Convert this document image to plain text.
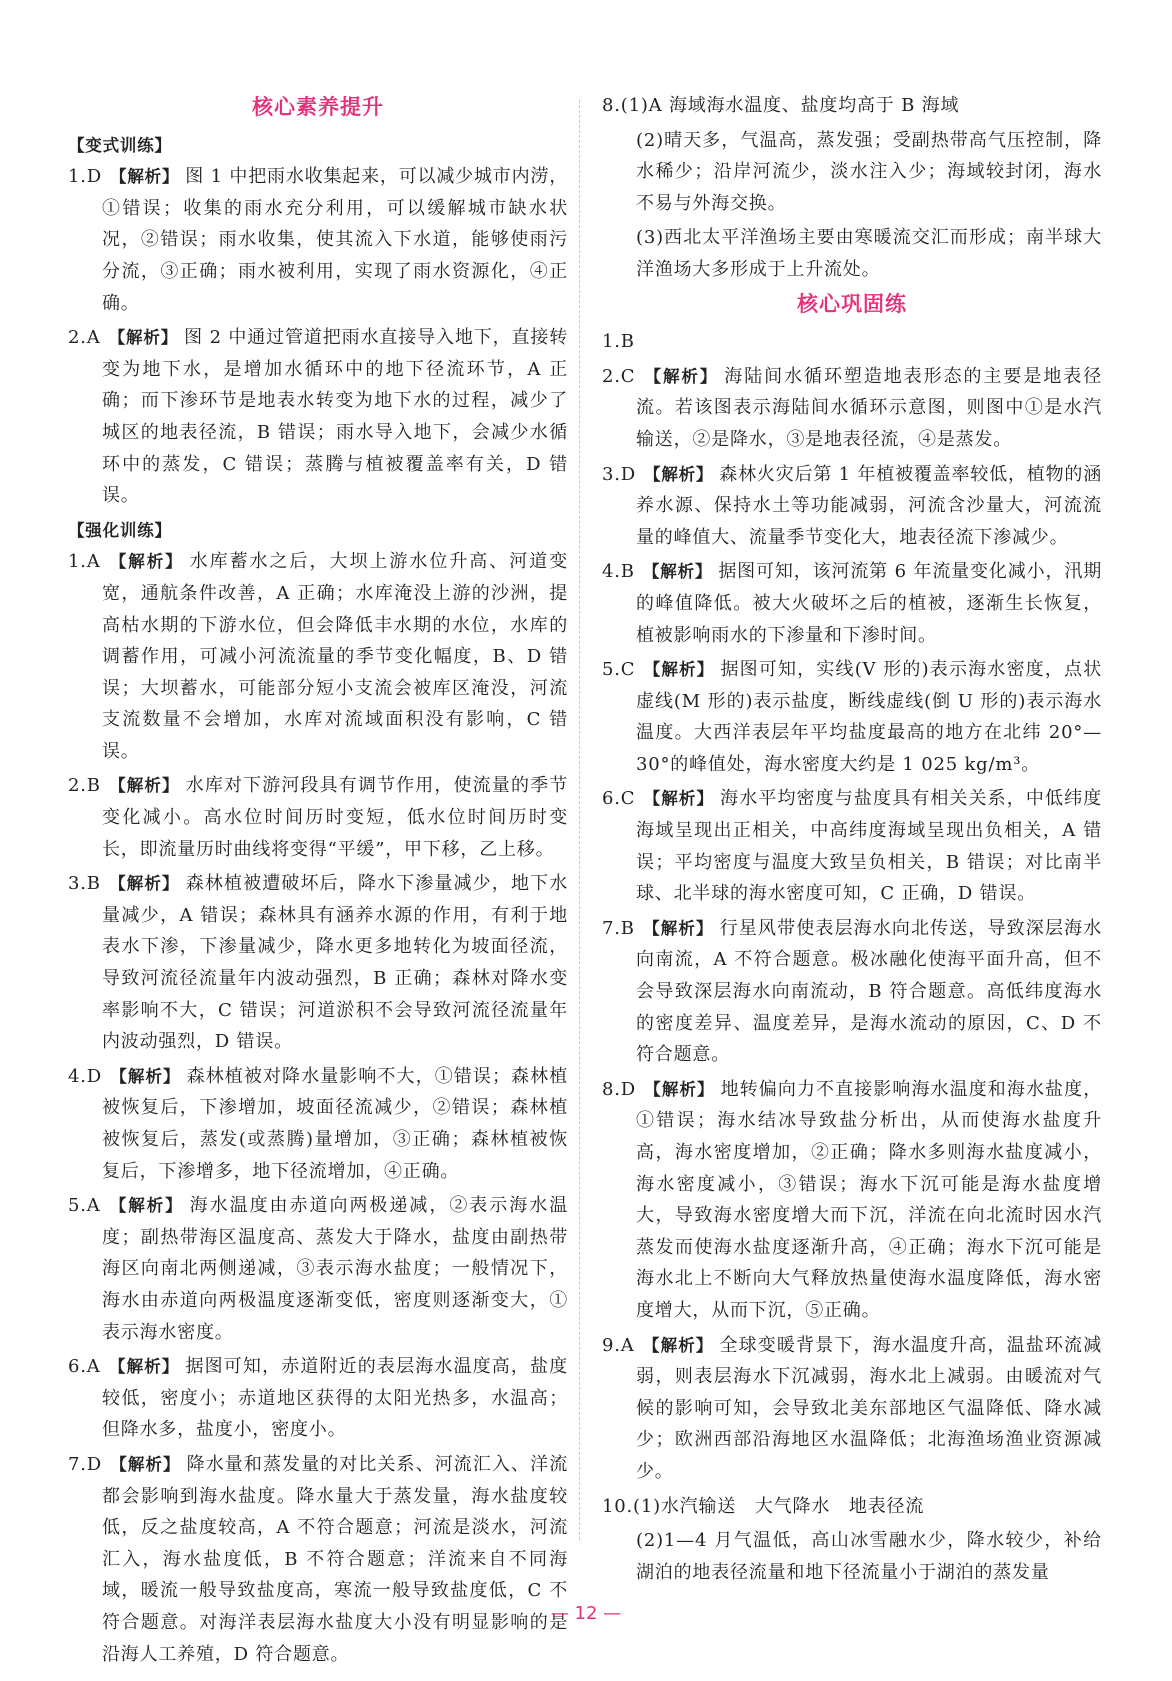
核心素养提升
【变式训练】
1.D 【解析】 图 1 中把雨水收集起来，可以减少城市内涝，①错误；收集的雨水充分利用，可以缓解城市缺水状况，②错误；雨水收集，使其流入下水道，能够使雨污分流，③正确；雨水被利用，实现了雨水资源化，④正确。
2.A 【解析】 图 2 中通过管道把雨水直接导入地下，直接转变为地下水，是增加水循环中的地下径流环节，A 正确；而下渗环节是地表水转变为地下水的过程，减少了城区的地表径流，B 错误；雨水导入地下，会减少水循环中的蒸发，C 错误；蒸腾与植被覆盖率有关，D 错误。
【强化训练】
1.A 【解析】 水库蓄水之后，大坝上游水位升高、河道变宽，通航条件改善，A 正确；水库淹没上游的沙洲，提高枯水期的下游水位，但会降低丰水期的水位，水库的调蓄作用，可减小河流流量的季节变化幅度，B、D 错误；大坝蓄水，可能部分短小支流会被库区淹没，河流支流数量不会增加，水库对流域面积没有影响，C 错误。
2.B 【解析】 水库对下游河段具有调节作用，使流量的季节变化减小。高水位时间历时变短，低水位时间历时变长，即流量历时曲线将变得“平缓”，甲下移，乙上移。
3.B 【解析】 森林植被遭破坏后，降水下渗量减少，地下水量减少，A 错误；森林具有涵养水源的作用，有利于地表水下渗，下渗量减少，降水更多地转化为坡面径流，导致河流径流量年内波动强烈，B 正确；森林对降水变率影响不大，C 错误；河道淤积不会导致河流径流量年内波动强烈，D 错误。
4.D 【解析】 森林植被对降水量影响不大，①错误；森林植被恢复后，下渗增加，坡面径流减少，②错误；森林植被恢复后，蒸发(或蒸腾)量增加，③正确；森林植被恢复后，下渗增多，地下径流增加，④正确。
5.A 【解析】 海水温度由赤道向两极递减，②表示海水温度；副热带海区温度高、蒸发大于降水，盐度由副热带海区向南北两侧递减，③表示海水盐度；一般情况下，海水由赤道向两极温度逐渐变低，密度则逐渐变大，①表示海水密度。
6.A 【解析】 据图可知，赤道附近的表层海水温度高，盐度较低，密度小；赤道地区获得的太阳光热多，水温高；但降水多，盐度小，密度小。
7.D 【解析】 降水量和蒸发量的对比关系、河流汇入、洋流都会影响到海水盐度。降水量大于蒸发量，海水盐度较低，反之盐度较高，A 不符合题意；河流是淡水，河流汇入，海水盐度低，B 不符合题意；洋流来自不同海域，暖流一般导致盐度高，寒流一般导致盐度低，C 不符合题意。对海洋表层海水盐度大小没有明显影响的是沿海人工养殖，D 符合题意。
8.(1)A 海域海水温度、盐度均高于 B 海域
(2)晴天多，气温高，蒸发强；受副热带高气压控制，降水稀少；沿岸河流少，淡水注入少；海域较封闭，海水不易与外海交换。
(3)西北太平洋渔场主要由寒暖流交汇而形成；南半球大洋渔场大多形成于上升流处。
核心巩固练
1.B
2.C 【解析】 海陆间水循环塑造地表形态的主要是地表径流。若该图表示海陆间水循环示意图，则图中①是水汽输送，②是降水，③是地表径流，④是蒸发。
3.D 【解析】 森林火灾后第 1 年植被覆盖率较低，植物的涵养水源、保持水土等功能减弱，河流含沙量大，河流流量的峰值大、流量季节变化大，地表径流下渗减少。
4.B 【解析】 据图可知，该河流第 6 年流量变化减小，汛期的峰值降低。被大火破坏之后的植被，逐渐生长恢复，植被影响雨水的下渗量和下渗时间。
5.C 【解析】 据图可知，实线(V 形的)表示海水密度，点状虚线(M 形的)表示盐度，断线虚线(倒 U 形的)表示海水温度。大西洋表层年平均盐度最高的地方在北纬 20°—30°的峰值处，海水密度大约是 1 025 kg/m³。
6.C 【解析】 海水平均密度与盐度具有相关关系，中低纬度海域呈现出正相关，中高纬度海域呈现出负相关，A 错误；平均密度与温度大致呈负相关，B 错误；对比南半球、北半球的海水密度可知，C 正确，D 错误。
7.B 【解析】 行星风带使表层海水向北传送，导致深层海水向南流，A 不符合题意。极冰融化使海平面升高，但不会导致深层海水向南流动，B 符合题意。高低纬度海水的密度差异、温度差异，是海水流动的原因，C、D 不符合题意。
8.D 【解析】 地转偏向力不直接影响海水温度和海水盐度，①错误；海水结冰导致盐分析出，从而使海水盐度升高，海水密度增加，②正确；降水多则海水盐度减小，海水密度减小，③错误；海水下沉可能是海水盐度增大，导致海水密度增大而下沉，洋流在向北流时因水汽蒸发而使海水盐度逐渐升高，④正确；海水下沉可能是海水北上不断向大气释放热量使海水温度降低，海水密度增大，从而下沉，⑤正确。
9.A 【解析】 全球变暖背景下，海水温度升高，温盐环流减弱，则表层海水下沉减弱，海水北上减弱。由暖流对气候的影响可知，会导致北美东部地区气温降低、降水减少；欧洲西部沿海地区水温降低；北海渔场渔业资源减少。
10.(1)水汽输送　大气降水　地表径流
(2)1—4 月气温低，高山冰雪融水少，降水较少，补给湖泊的地表径流量和地下径流量小于湖泊的蒸发量
— 12 —
